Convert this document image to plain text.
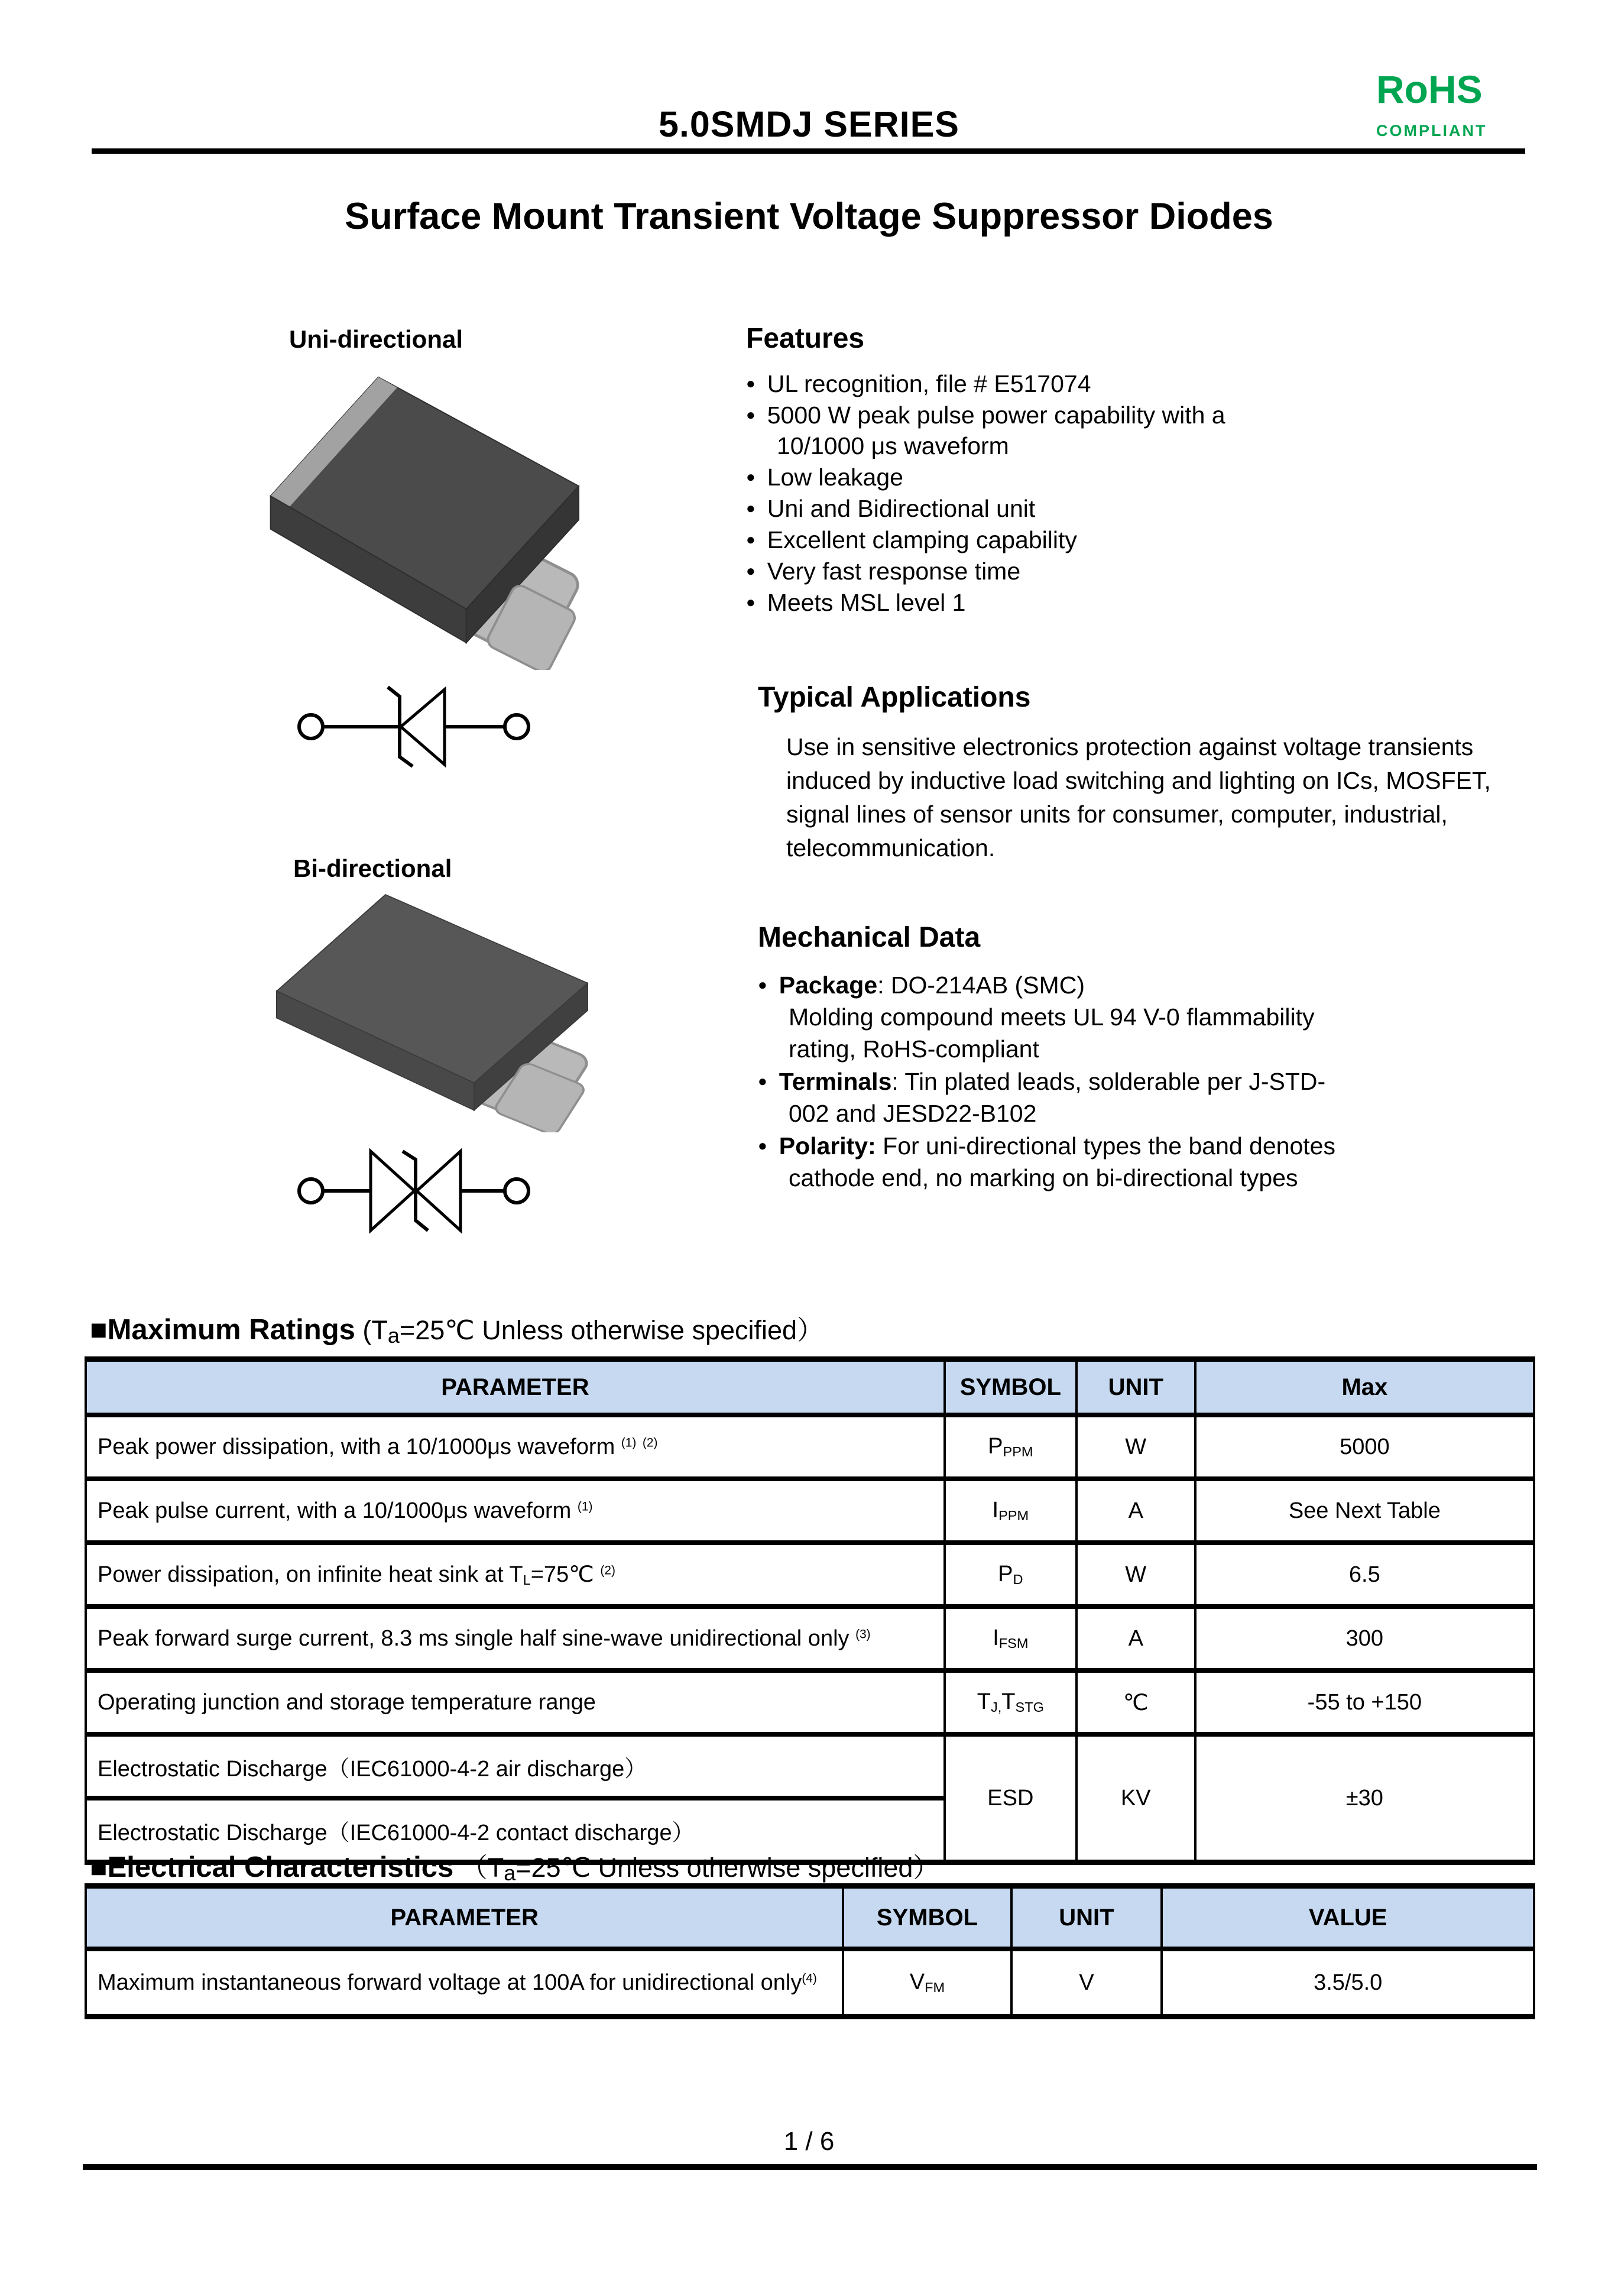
5.0SMDJ SERIES
RoHS
COMPLIANT
Surface Mount Transient Voltage Suppressor Diodes
Uni-directional
Bi-directional
Features
● UL recognition, file # E517074
● 5000 W peak pulse power capability with a
10/1000 μs waveform
● Low leakage
● Uni and Bidirectional unit
● Excellent clamping capability
● Very fast response time
● Meets MSL level 1
Typical Applications
Use in sensitive electronics protection against voltage transients
induced by inductive load switching and lighting on ICs, MOSFET,
signal lines of sensor units for consumer, computer, industrial,
telecommunication.
Mechanical Data
● Package: DO-214AB (SMC)
Molding compound meets UL 94 V-0 flammability
rating, RoHS-compliant
● Terminals: Tin plated leads, solderable per J-STD-
002 and JESD22-B102
● Polarity: For uni-directional types the band denotes
cathode end, no marking on bi-directional types
■Maximum Ratings (Ta=25℃ Unless otherwise specified）
PARAMETER	SYMBOL	UNIT	Max
Peak power dissipation, with a 10/1000μs waveform $^{(1)}$ $^{(2)}$	PPPM	W	5000
Peak pulse current, with a 10/1000μs waveform $^{(1)}$	IPPM	A	See Next Table
Power dissipation, on infinite heat sink at TL=75℃ $^{(2)}$	PD	W	6.5
Peak forward surge current, 8.3 ms single half sine-wave unidirectional only $^{(3)}$	IFSM	A	300
Operating junction and storage temperature range	TJ,TSTG	℃	-55 to +150
Electrostatic Discharge（IEC61000-4-2 air discharge）	ESD	KV	±30
Electrostatic Discharge（IEC61000-4-2 contact discharge）			
■Electrical Characteristics （Ta=25℃ Unless otherwise specified）
PARAMETER	SYMBOL	UNIT	VALUE
Maximum instantaneous forward voltage at 100A for unidirectional only$^{(4)}$	VFM	V	3.5/5.0
1 / 6
